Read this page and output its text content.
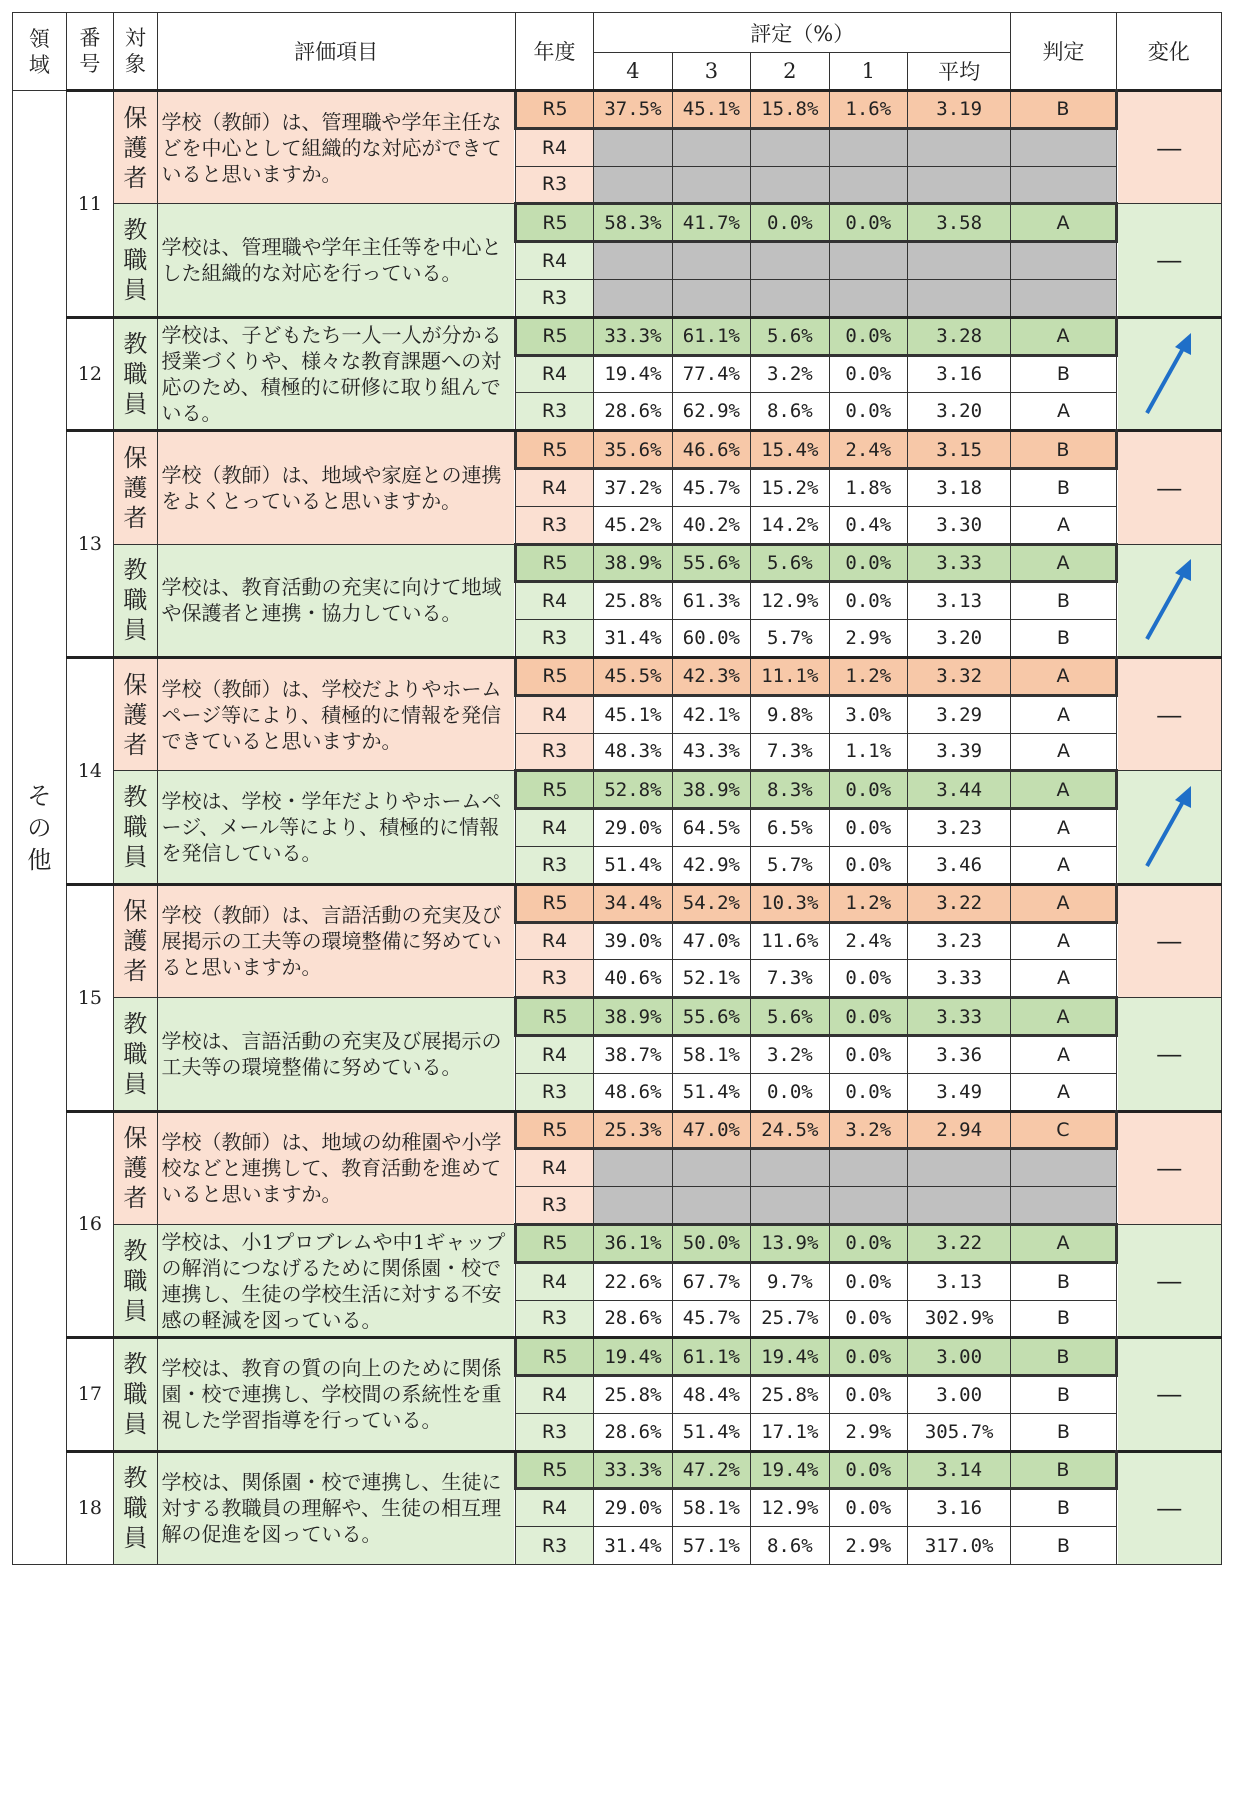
領域	番号	対象	評価項目	年度	評定（%）					判定	変化
					4	3	2	1	平均		

その他	11	保護者	学校（教師）は、管理職や学年主任などを中心として組織的な対応ができていると思いますか。	R5	37.5%	45.1%	15.8%	1.6%	3.19	B	―
				R4							
				R3							

		教職員	学校は、管理職や学年主任等を中心とした組織的な対応を行っている。	R5	58.3%	41.7%	0.0%	0.0%	3.58	A	―
				R4							
				R3							
	12	教職員	学校は、子どもたち一人一人が分かる授業づくりや、様々な教育課題への対応のため、積極的に研修に取り組んでいる。	R5	33.3%	61.1%	5.6%	0.0%	3.28	A	

				R4	19.4%	77.4%	3.2%	0.0%	3.16	B	
				R3	28.6%	62.9%	8.6%	0.0%	3.20	A	
	13	保護者	学校（教師）は、地域や家庭との連携をよくとっていると思いますか。	R5	35.6%	46.6%	15.4%	2.4%	3.15	B	―
				R4	37.2%	45.7%	15.2%	1.8%	3.18	B	
				R3	45.2%	40.2%	14.2%	0.4%	3.30	A	

		教職員	学校は、教育活動の充実に向けて地域や保護者と連携・協力している。	R5	38.9%	55.6%	5.6%	0.0%	3.33	A	

				R4	25.8%	61.3%	12.9%	0.0%	3.13	B	
				R3	31.4%	60.0%	5.7%	2.9%	3.20	B	
	14	保護者	学校（教師）は、学校だよりやホームページ等により、積極的に情報を発信できていると思いますか。	R5	45.5%	42.3%	11.1%	1.2%	3.32	A	―
				R4	45.1%	42.1%	9.8%	3.0%	3.29	A	
				R3	48.3%	43.3%	7.3%	1.1%	3.39	A	

		教職員	学校は、学校・学年だよりやホームページ、メール等により、積極的に情報を発信している。	R5	52.8%	38.9%	8.3%	0.0%	3.44	A	

				R4	29.0%	64.5%	6.5%	0.0%	3.23	A	
				R3	51.4%	42.9%	5.7%	0.0%	3.46	A	
	15	保護者	学校（教師）は、言語活動の充実及び展掲示の工夫等の環境整備に努めていると思いますか。	R5	34.4%	54.2%	10.3%	1.2%	3.22	A	―
				R4	39.0%	47.0%	11.6%	2.4%	3.23	A	
				R3	40.6%	52.1%	7.3%	0.0%	3.33	A	

		教職員	学校は、言語活動の充実及び展掲示の工夫等の環境整備に努めている。	R5	38.9%	55.6%	5.6%	0.0%	3.33	A	―
				R4	38.7%	58.1%	3.2%	0.0%	3.36	A	
				R3	48.6%	51.4%	0.0%	0.0%	3.49	A	
	16	保護者	学校（教師）は、地域の幼稚園や小学校などと連携して、教育活動を進めていると思いますか。	R5	25.3%	47.0%	24.5%	3.2%	2.94	C	―
				R4							
				R3							

		教職員	学校は、小1プロブレムや中1ギャップの解消につなげるために関係園・校で連携し、生徒の学校生活に対する不安感の軽減を図っている。	R5	36.1%	50.0%	13.9%	0.0%	3.22	A	―
				R4	22.6%	67.7%	9.7%	0.0%	3.13	B	
				R3	28.6%	45.7%	25.7%	0.0%	302.9%	B	
	17	教職員	学校は、教育の質の向上のために関係園・校で連携し、学校間の系統性を重視した学習指導を行っている。	R5	19.4%	61.1%	19.4%	0.0%	3.00	B	―
				R4	25.8%	48.4%	25.8%	0.0%	3.00	B	
				R3	28.6%	51.4%	17.1%	2.9%	305.7%	B	
	18	教職員	学校は、関係園・校で連携し、生徒に対する教職員の理解や、生徒の相互理解の促進を図っている。	R5	33.3%	47.2%	19.4%	0.0%	3.14	B	―
				R4	29.0%	58.1%	12.9%	0.0%	3.16	B	
				R3	31.4%	57.1%	8.6%	2.9%	317.0%	B	
